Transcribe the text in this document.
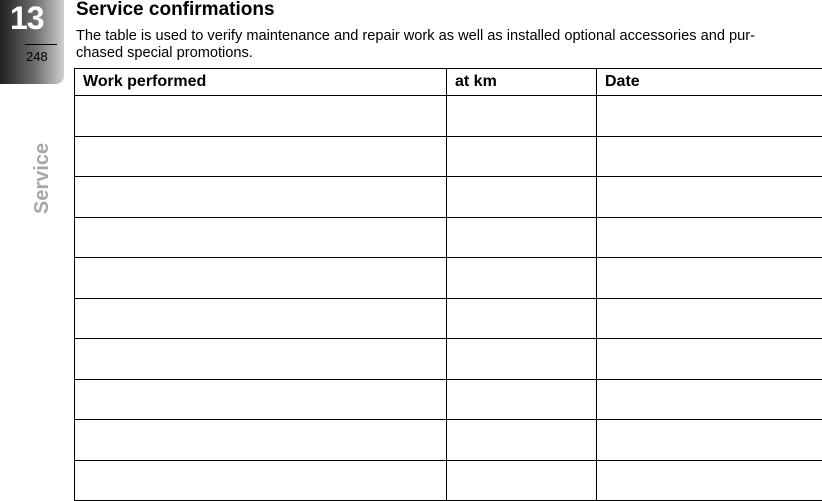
13
248
Service
Service confirmations

The table is used to verify maintenance and repair work as well as installed optional accessories and pur-
chased special promotions.

Work performed	at km	Date
